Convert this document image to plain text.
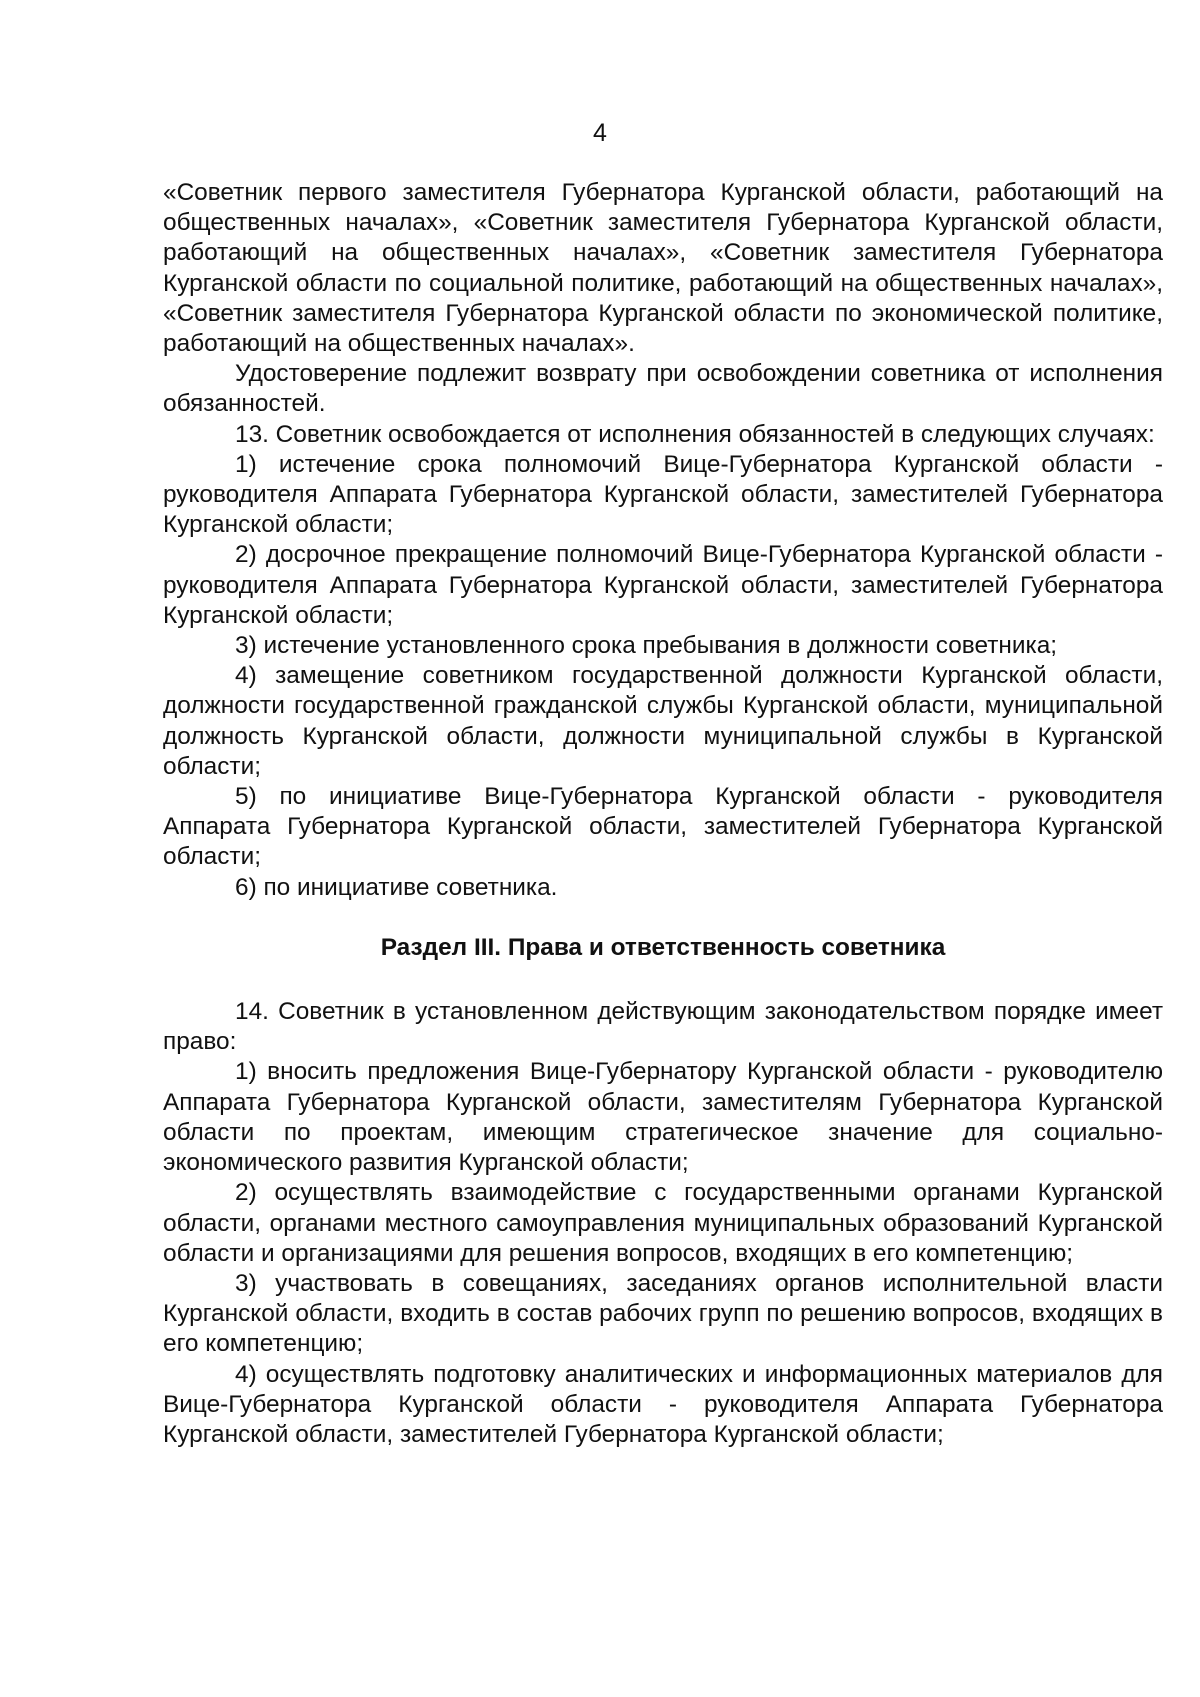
4

«Советник первого заместителя Губернатора Курганской области, работающий на общественных началах», «Советник заместителя Губернатора Курганской области, работающий на общественных началах», «Советник заместителя Губернатора Курганской области по социальной политике, работающий на общественных началах», «Советник заместителя Губернатора Курганской области по экономической политике, работающий на общественных началах».

Удостоверение подлежит возврату при освобождении советника от исполнения обязанностей.

13. Советник освобождается от исполнения обязанностей в следующих случаях:

1) истечение срока полномочий Вице-Губернатора Курганской области - руководителя Аппарата Губернатора Курганской области, заместителей Губернатора Курганской области;

2) досрочное прекращение полномочий Вице-Губернатора Курганской области - руководителя Аппарата Губернатора Курганской области, заместителей Губернатора Курганской области;

3) истечение установленного срока пребывания в должности советника;

4) замещение советником государственной должности Курганской области, должности государственной гражданской службы Курганской области, муниципальной должность Курганской области, должности муниципальной службы в Курганской области;

5) по инициативе Вице-Губернатора Курганской области - руководителя Аппарата Губернатора Курганской области, заместителей Губернатора Курганской области;

6) по инициативе советника.

Раздел III. Права и ответственность советника

14. Советник в установленном действующим законодательством порядке имеет право:

1) вносить предложения Вице-Губернатору Курганской области - руководителю Аппарата Губернатора Курганской области, заместителям Губернатора Курганской области по проектам, имеющим стратегическое значение для социально-экономического развития Курганской области;

2) осуществлять взаимодействие с государственными органами Курганской области, органами местного самоуправления муниципальных образований Курганской области и организациями для решения вопросов, входящих в его компетенцию;

3) участвовать в совещаниях, заседаниях органов исполнительной власти Курганской области, входить в состав рабочих групп по решению вопросов, входящих в его компетенцию;

4) осуществлять подготовку аналитических и информационных материалов для Вице-Губернатора Курганской области - руководителя Аппарата Губернатора Курганской области, заместителей Губернатора Курганской области;
